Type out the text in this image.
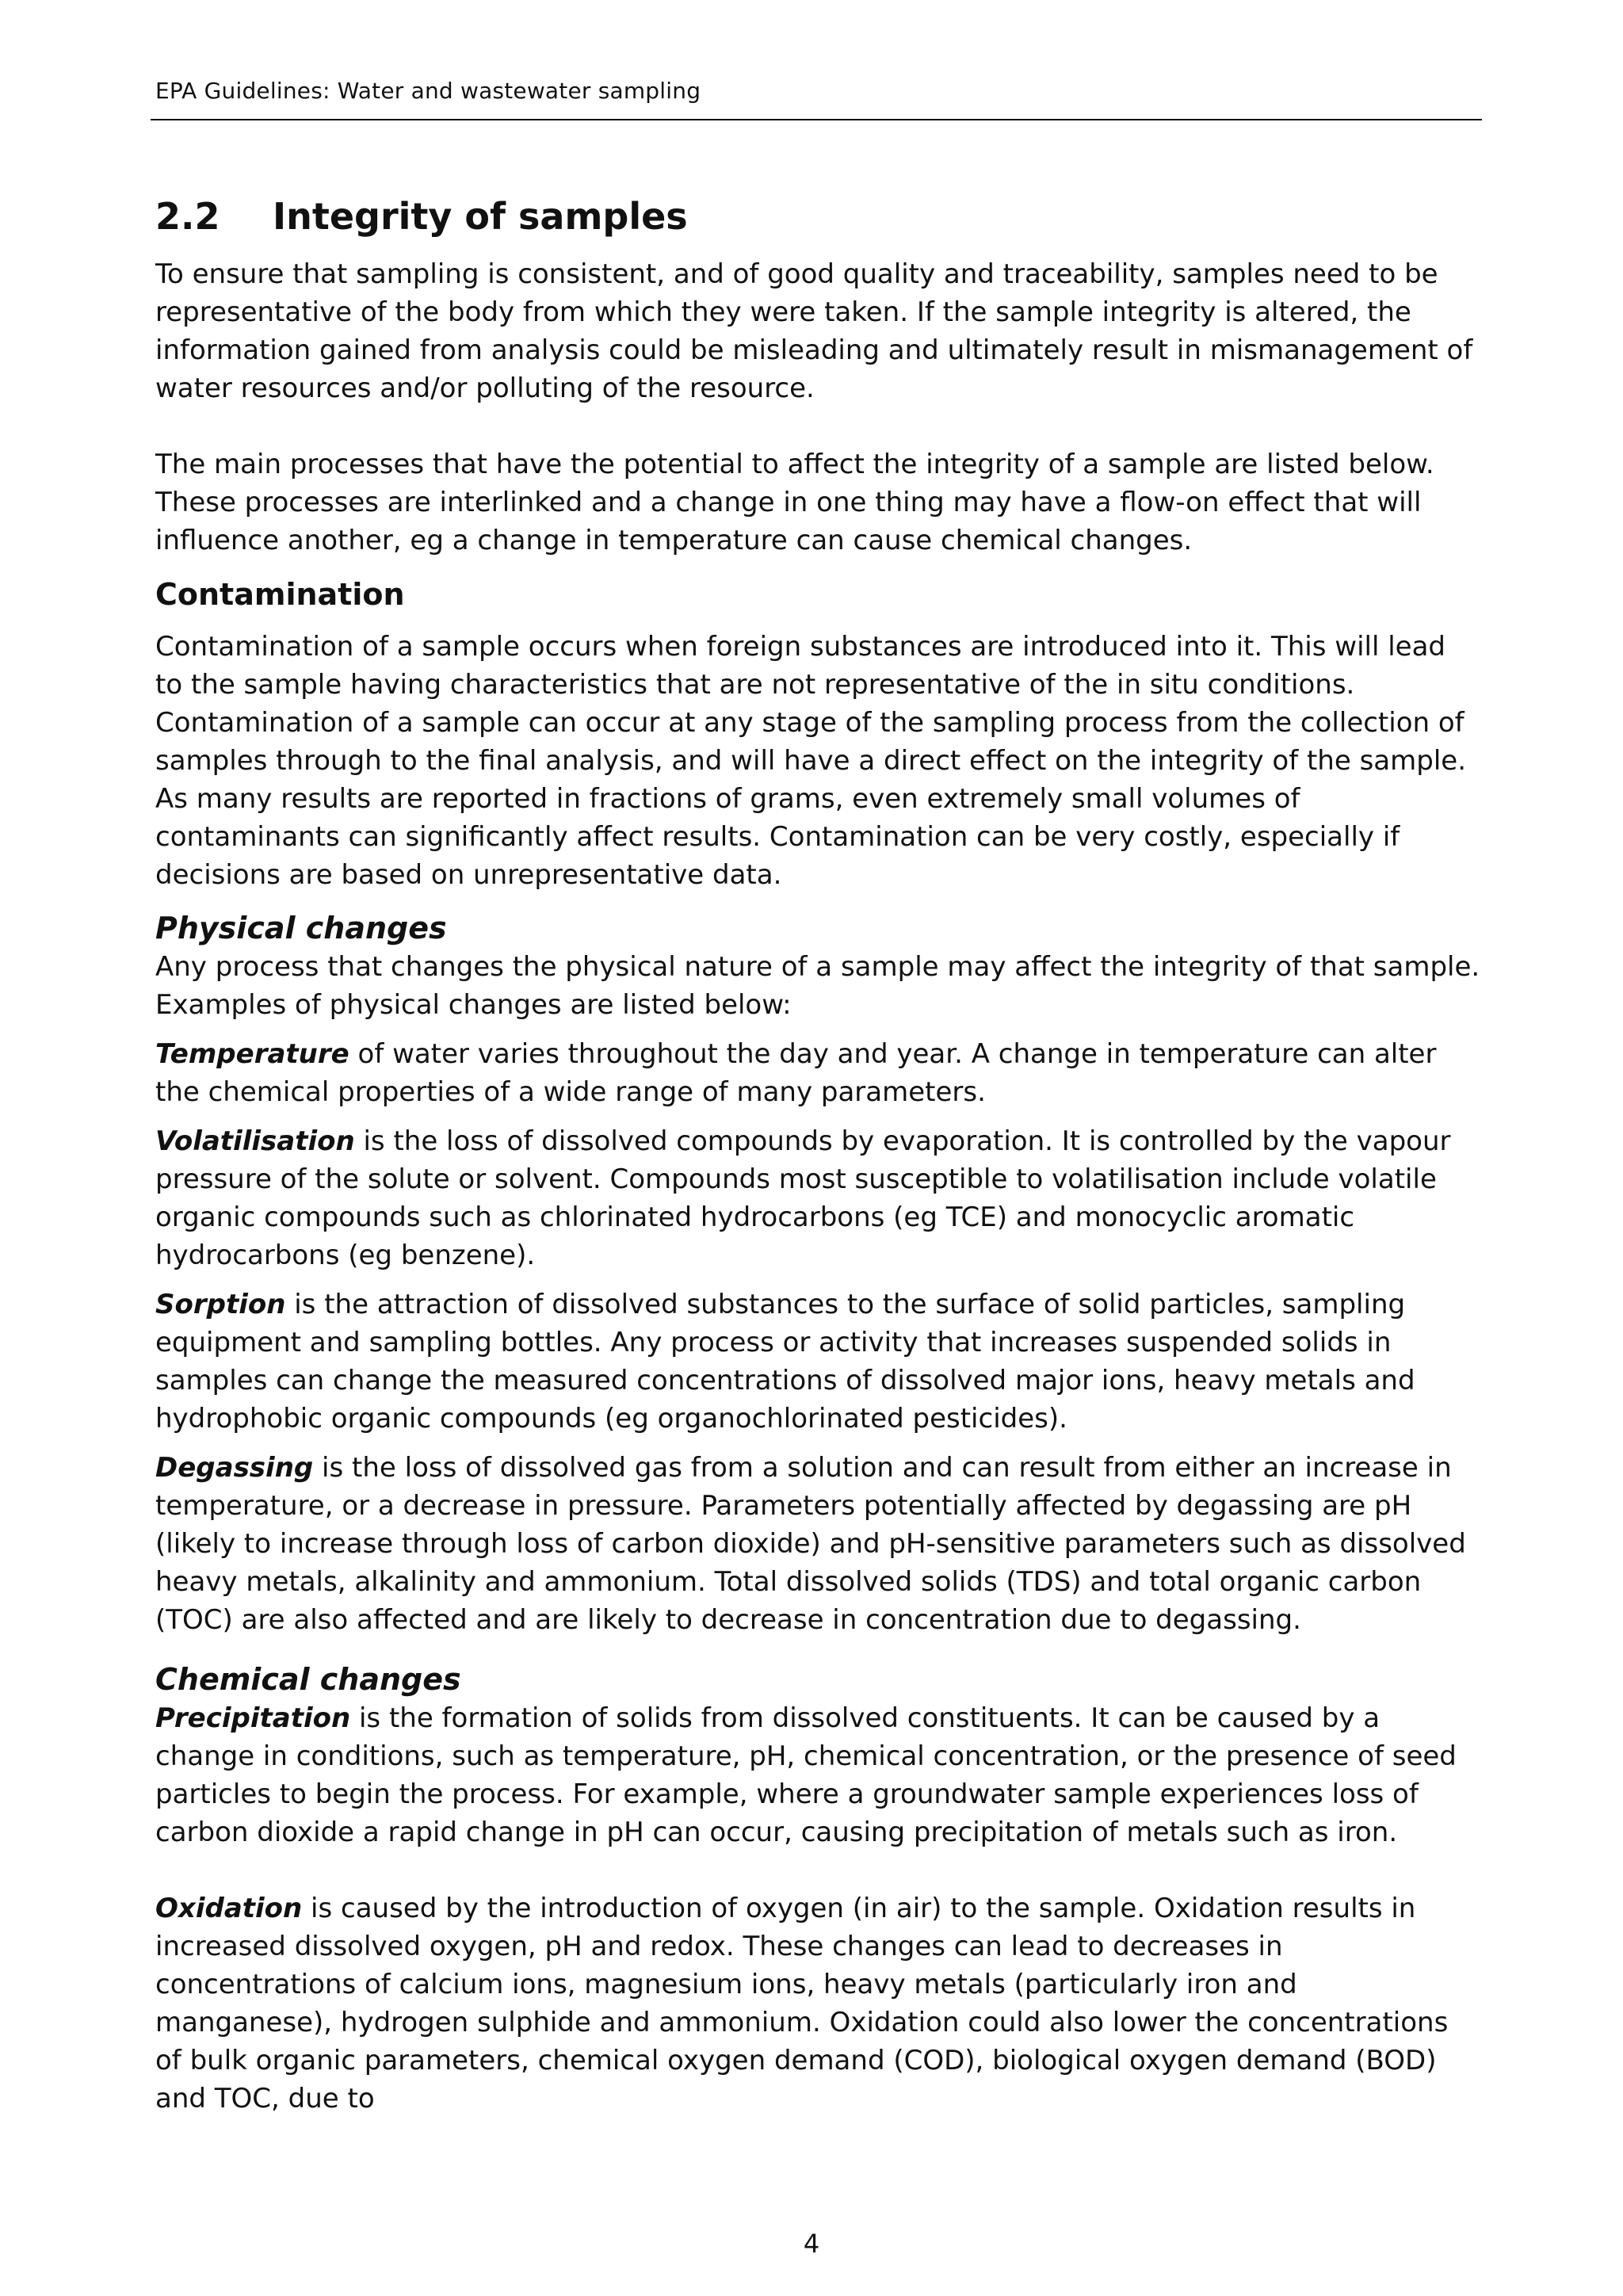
EPA Guidelines: Water and wastewater sampling
2.2	Integrity of samples

To ensure that sampling is consistent, and of good quality and traceability, samples need to be representative of the body from which they were taken. If the sample integrity is altered, the information gained from analysis could be misleading and ultimately result in mismanagement of water resources and/or polluting of the resource.

The main processes that have the potential to affect the integrity of a sample are listed below. These processes are interlinked and a change in one thing may have a flow-on effect that will influence another, eg a change in temperature can cause chemical changes.

Contamination

Contamination of a sample occurs when foreign substances are introduced into it. This will lead to the sample having characteristics that are not representative of the in situ conditions. Contamination of a sample can occur at any stage of the sampling process from the collection of samples through to the final analysis, and will have a direct effect on the integrity of the sample. As many results are reported in fractions of grams, even extremely small volumes of contaminants can significantly affect results. Contamination can be very costly, especially if decisions are based on unrepresentative data.

Physical changes

Any process that changes the physical nature of a sample may affect the integrity of that sample. Examples of physical changes are listed below:

Temperature of water varies throughout the day and year. A change in temperature can alter the chemical properties of a wide range of many parameters.

Volatilisation is the loss of dissolved compounds by evaporation. It is controlled by the vapour pressure of the solute or solvent. Compounds most susceptible to volatilisation include volatile organic compounds such as chlorinated hydrocarbons (eg TCE) and monocyclic aromatic hydrocarbons (eg benzene).

Sorption is the attraction of dissolved substances to the surface of solid particles, sampling equipment and sampling bottles. Any process or activity that increases suspended solids in samples can change the measured concentrations of dissolved major ions, heavy metals and hydrophobic organic compounds (eg organochlorinated pesticides).

Degassing is the loss of dissolved gas from a solution and can result from either an increase in temperature, or a decrease in pressure. Parameters potentially affected by degassing are pH (likely to increase through loss of carbon dioxide) and pH-sensitive parameters such as dissolved heavy metals, alkalinity and ammonium. Total dissolved solids (TDS) and total organic carbon (TOC) are also affected and are likely to decrease in concentration due to degassing.

Chemical changes

Precipitation is the formation of solids from dissolved constituents. It can be caused by a change in conditions, such as temperature, pH, chemical concentration, or the presence of seed particles to begin the process. For example, where a groundwater sample experiences loss of carbon dioxide a rapid change in pH can occur, causing precipitation of metals such as iron.

Oxidation is caused by the introduction of oxygen (in air) to the sample. Oxidation results in increased dissolved oxygen, pH and redox. These changes can lead to decreases in concentrations of calcium ions, magnesium ions, heavy metals (particularly iron and manganese), hydrogen sulphide and ammonium. Oxidation could also lower the concentrations of bulk organic parameters, chemical oxygen demand (COD), biological oxygen demand (BOD) and TOC, due to

4
